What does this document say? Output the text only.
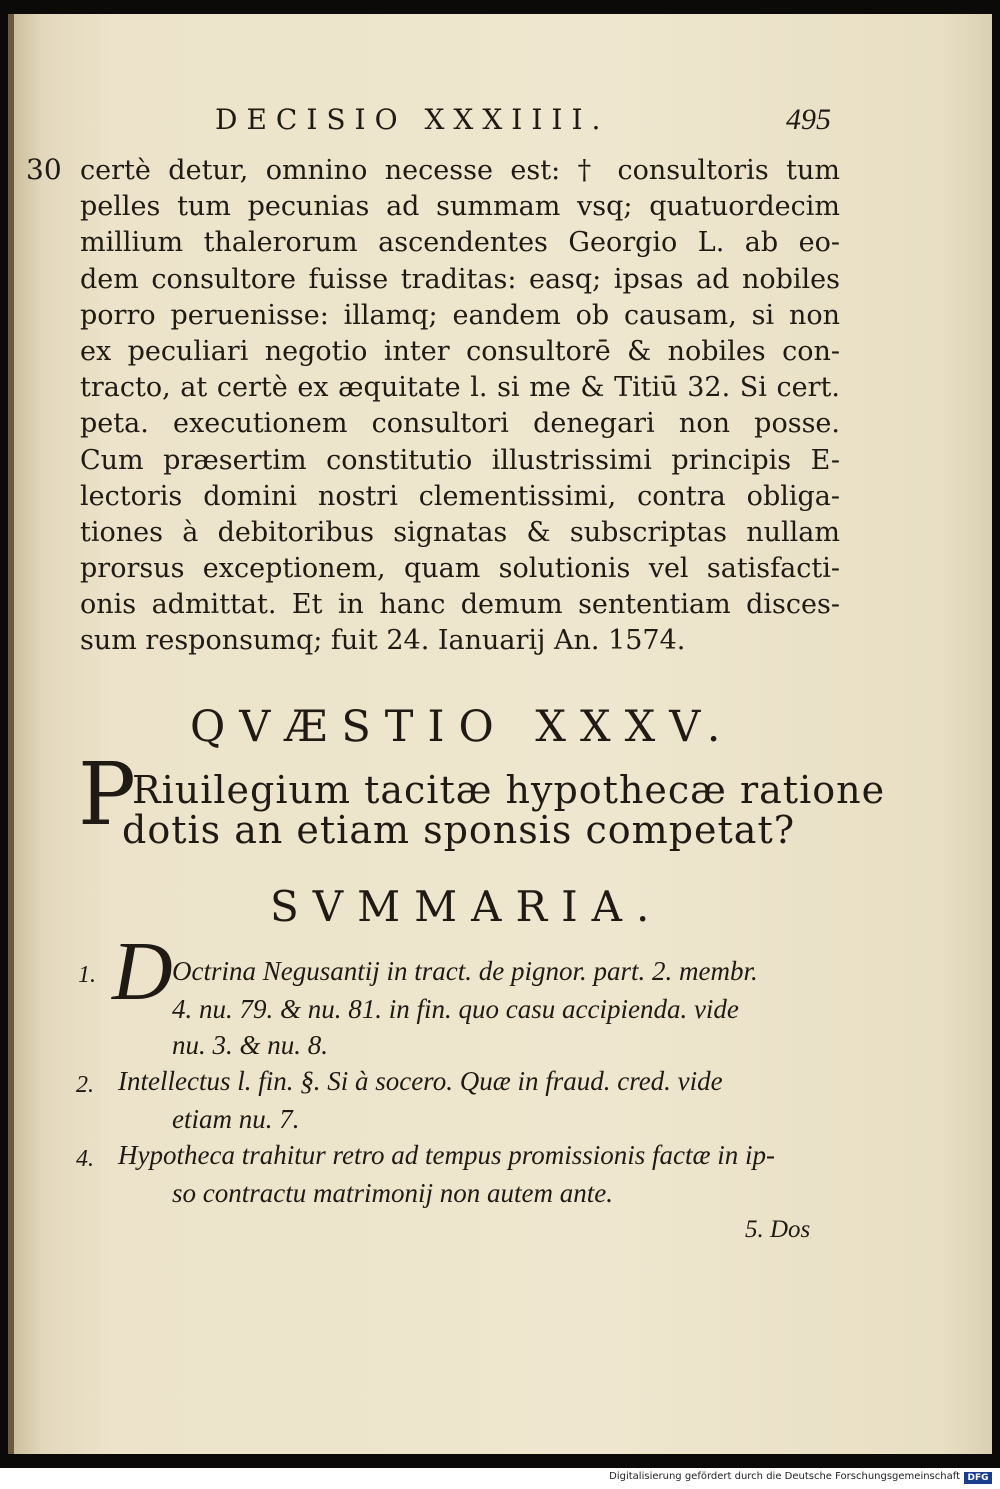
DECISIO XXXIIII.	495
30 certè detur, omnino necesse est: † consultoris tum
pelles tum pecunias ad summam vsq; quatuordecim
millium thalerorum ascendentes Georgio L. ab eo-
dem consultore fuisse traditas: easq; ipsas ad nobiles
porro peruenisse: illamq; eandem ob causam, si non
ex peculiari negotio inter consultorē & nobiles con-
tracto, at certè ex æquitate l. si me & Titiū 32. Si cert.
peta. executionem consultori denegari non posse.
Cum præsertim constitutio illustrissimi principis E-
lectoris domini nostri clementissimi, contra obliga-
tiones à debitoribus signatas & subscriptas nullam
prorsus exceptionem, quam solutionis vel satisfacti-
onis admittat. Et in hanc demum sententiam disces-
sum responsumq; fuit 24. Ianuarij An. 1574.
QVÆSTIO XXXV.
P
Riuilegium tacitæ hypothecæ ratione
dotis an etiam sponsis competat?
SVMMARIA.
D
1.	Octrina Negusantij in tract. de pignor. part. 2. membr.
4. nu. 79. & nu. 81. in fin. quo casu accipienda. vide
nu. 3. & nu. 8.
2. Intellectus l. fin. §. Si à socero. Quæ in fraud. cred. vide
etiam nu. 7.
4. Hypotheca trahitur retro ad tempus promissionis factæ in ip-
so contractu matrimonij non autem ante.
5. Dos
Digitalisierung gefördert durch die Deutsche Forschungsgemeinschaft DFG
